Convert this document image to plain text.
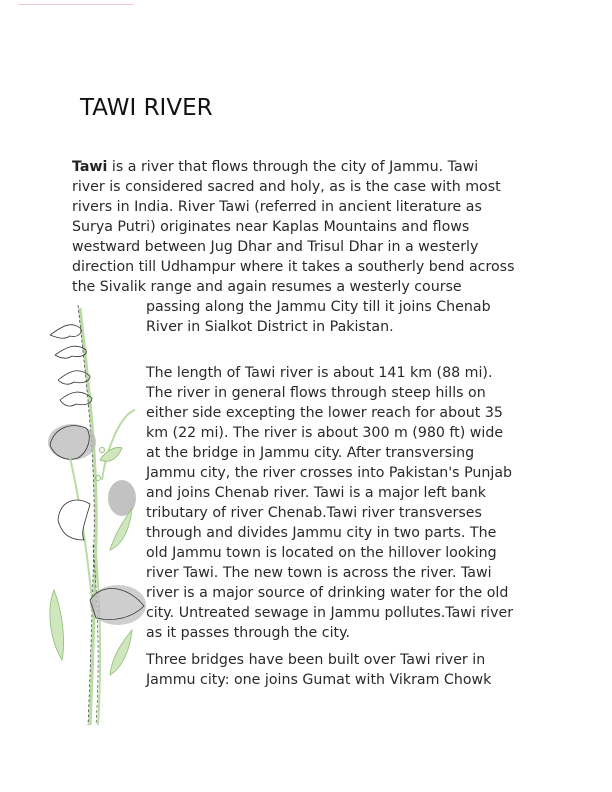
TAWI RIVER
Tawi is a river that flows through the city of Jammu. Tawi
river is considered sacred and holy, as is the case with most
rivers in India. River Tawi (referred in ancient literature as
Surya Putri) originates near Kaplas Mountains and flows
westward between Jug Dhar and Trisul Dhar in a westerly
direction till Udhampur where it takes a southerly bend across
the Sivalik range and again resumes a westerly course
passing along the Jammu City till it joins Chenab
River in Sialkot District in Pakistan.
The length of Tawi river is about 141 km (88 mi).
The river in general flows through steep hills on
either side excepting the lower reach for about 35
km (22 mi). The river is about 300 m (980 ft) wide
at the bridge in Jammu city. After transversing
Jammu city, the river crosses into Pakistan's Punjab
and joins Chenab river. Tawi is a major left bank
tributary of river Chenab.Tawi river transverses
through and divides Jammu city in two parts. The
old Jammu town is located on the hillover looking
river Tawi. The new town is across the river. Tawi
river is a major source of drinking water for the old
city. Untreated sewage in Jammu pollutes.Tawi river
as it passes through the city.
Three bridges have been built over Tawi river in
Jammu city: one joins Gumat with Vikram Chowk
